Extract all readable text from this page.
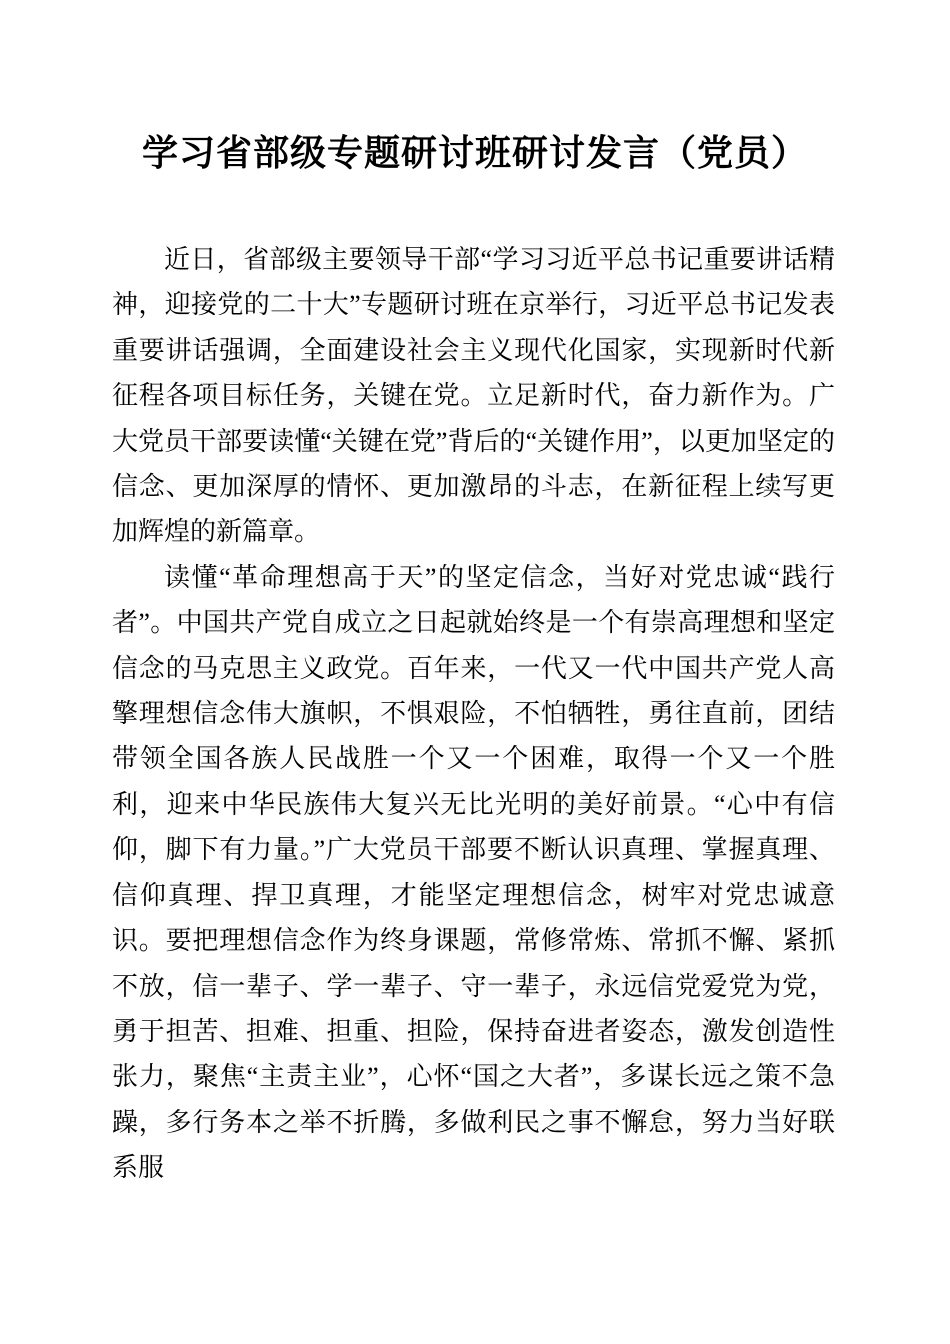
学习省部级专题研讨班研讨发言（党员）

近日，省部级主要领导干部“学习习近平总书记重要讲话精神，迎接党的二十大”专题研讨班在京举行，习近平总书记发表重要讲话强调，全面建设社会主义现代化国家，实现新时代新征程各项目标任务，关键在党。立足新时代，奋力新作为。广大党员干部要读懂“关键在党”背后的“关键作用”，以更加坚定的信念、更加深厚的情怀、更加激昂的斗志，在新征程上续写更加辉煌的新篇章。

读懂“革命理想高于天”的坚定信念，当好对党忠诚“践行者”。中国共产党自成立之日起就始终是一个有崇高理想和坚定信念的马克思主义政党。百年来，一代又一代中国共产党人高擎理想信念伟大旗帜，不惧艰险，不怕牺牲，勇往直前，团结带领全国各族人民战胜一个又一个困难，取得一个又一个胜利，迎来中华民族伟大复兴无比光明的美好前景。“心中有信仰，脚下有力量。”广大党员干部要不断认识真理、掌握真理、信仰真理、捍卫真理，才能坚定理想信念，树牢对党忠诚意识。要把理想信念作为终身课题，常修常炼、常抓不懈、紧抓不放，信一辈子、学一辈子、守一辈子，永远信党爱党为党，勇于担苦、担难、担重、担险，保持奋进者姿态，激发创造性张力，聚焦“主责主业”，心怀“国之大者”，多谋长远之策不急躁，多行务本之举不折腾，多做利民之事不懈怠，努力当好联系服
